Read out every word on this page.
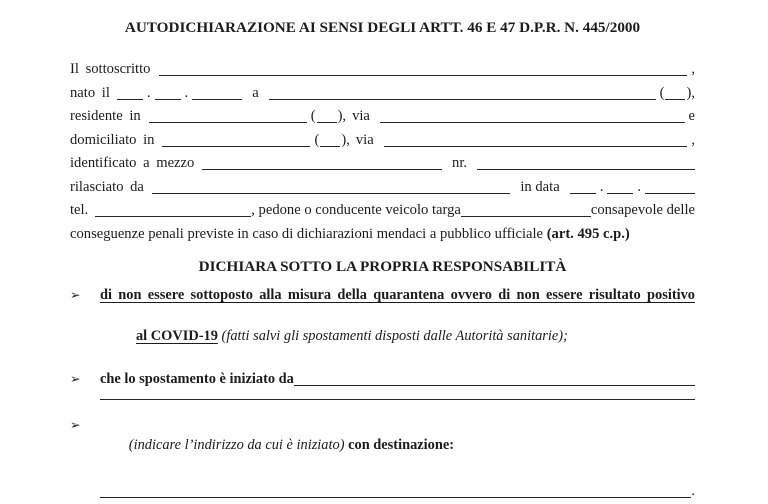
AUTODICHIARAZIONE AI SENSI DEGLI ARTT. 46 E 47 D.P.R. N. 445/2000
Il sottoscritto	,
nato il	. .	a	( ),
residente in	( ), via	e
domiciliato in	( ), via	,
identificato a mezzo	nr.
rilasciato da	in data	. .
tel.	, pedone o conducente veicolo targa	consapevole delle
conseguenze penali previste in caso di dichiarazioni mendaci a pubblico ufficiale (art. 495 c.p.)
DICHIARA SOTTO LA PROPRIA RESPONSABILITÀ
➢	di non essere sottoposto alla misura della quarantena ovvero di non essere risultato positivo

al COVID-19 (fatti salvi gli spostamenti disposti dalle Autorità sanitarie);

➢	che lo spostamento è iniziato da
➢

(indicare l’indirizzo da cui è iniziato) con destinazione:

.
